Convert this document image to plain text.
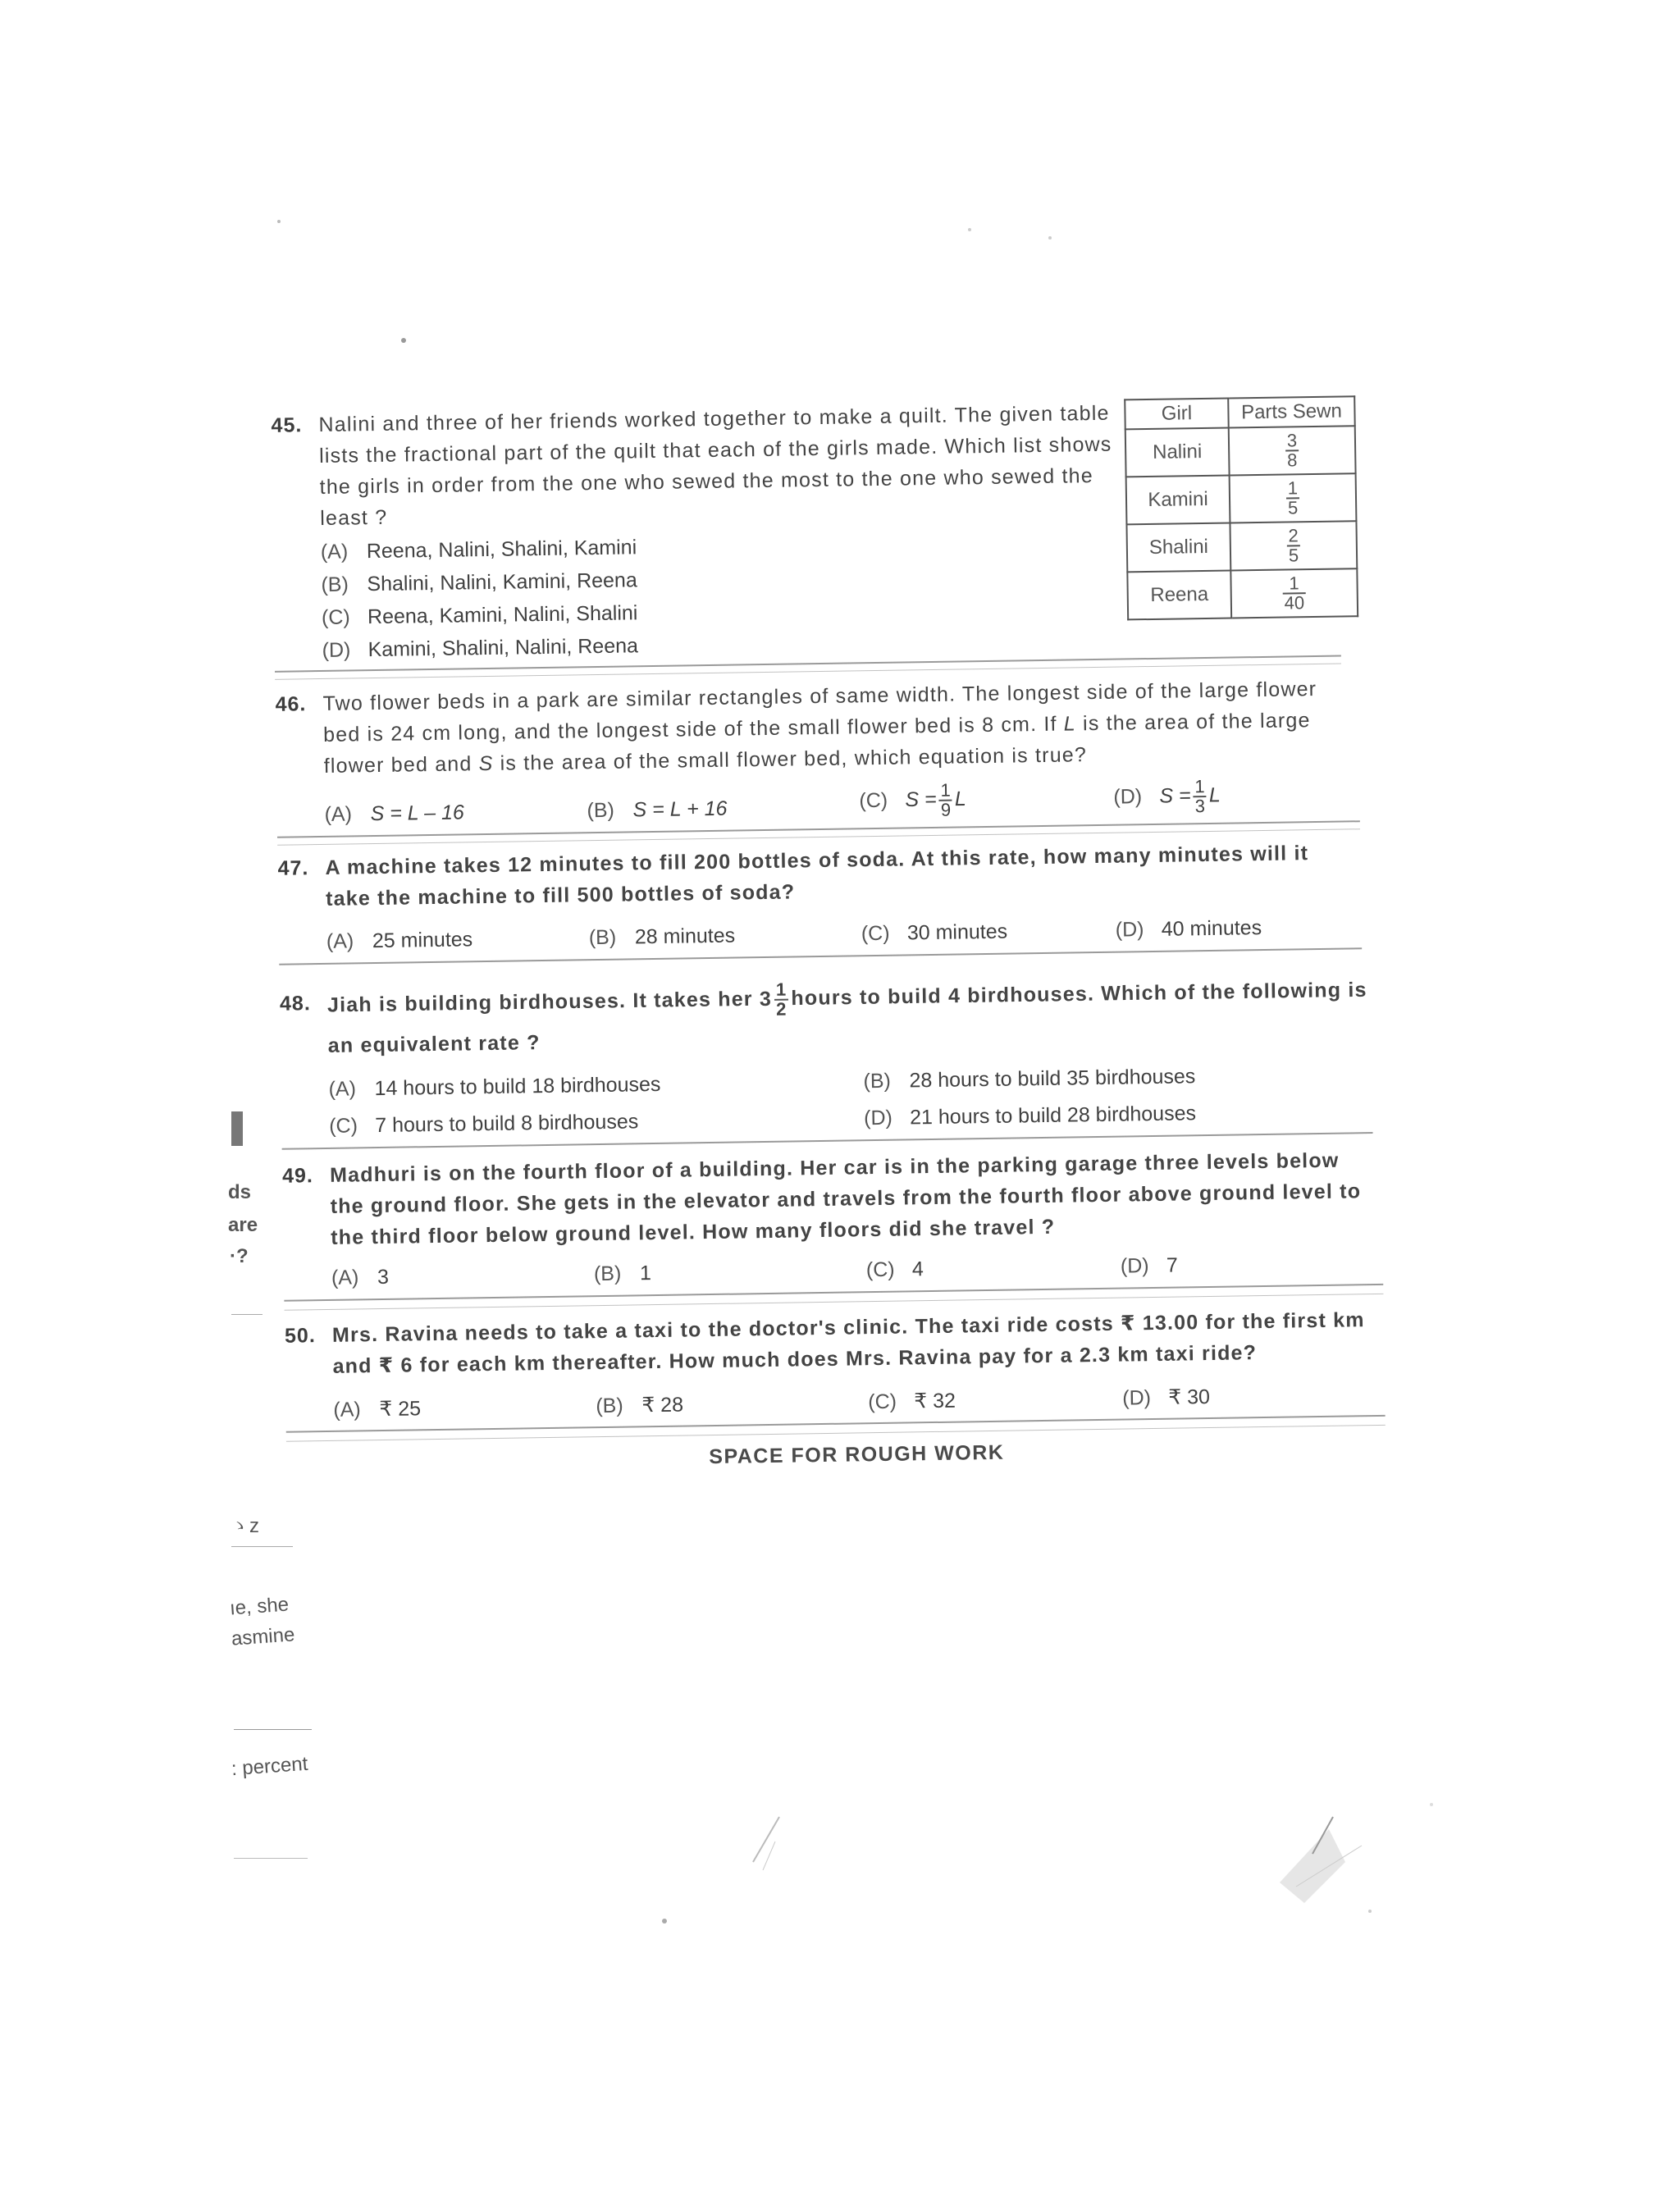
45. Nalini and three of her friends worked together to make a quilt. The given table lists the fractional part of the quilt that each of the girls made. Which list shows the girls in order from the one who sewed the most to the one who sewed the least ?
(A) Reena, Nalini, Shalini, Kamini
(B) Shalini, Nalini, Kamini, Reena
(C) Reena, Kamini, Nalini, Shalini
(D) Kamini, Shalini, Nalini, Reena
Girl	Parts Sewn
Nalini	$\frac{3}{8}$

Kamini	$\frac{1}{5}$

Shalini	$\frac{2}{5}$

Reena	$\frac{1}{40}$
46. Two flower beds in a park are similar rectangles of same width. The longest side of the large flower bed is 24 cm long, and the longest side of the small flower bed is 8 cm. If L is the area of the large flower bed and S is the area of the small flower bed, which equation is true?
(A) S = L – 16	(B) S = L + 16	(C) $S = \frac{1}{9}$ L	(D) $S = \frac{1}{3}$ L
47. A machine takes 12 minutes to fill 200 bottles of soda. At this rate, how many minutes will it take the machine to fill 500 bottles of soda?
(A) 25 minutes	(B) 28 minutes	(C) 30 minutes	(D) 40 minutes
48. Jiah is building birdhouses. It takes her $3 \frac{1}{2}$ hours to build 4 birdhouses. Which of the following is
an equivalent rate ?
(A) 14 hours to build 18 birdhouses	(B) 28 hours to build 35 birdhouses
(C) 7 hours to build 8 birdhouses	(D) 21 hours to build 28 birdhouses
49. Madhuri is on the fourth floor of a building. Her car is in the parking garage three levels below the ground floor. She gets in the elevator and travels from the fourth floor above ground level to the third floor below ground level. How many floors did she travel ?
(A) 3	(B) 1	(C) 4	(D) 7
50. Mrs. Ravina needs to take a taxi to the doctor's clinic. The taxi ride costs ₹ 13.00 for the first km and ₹ 6 for each km thereafter. How much does Mrs. Ravina pay for a 2.3 km taxi ride?
(A) ₹ 25	(B) ₹ 28	(C) ₹ 32	(D) ₹ 30
SPACE FOR ROUGH WORK
ds
are
·?
ゝz
ıe, she
asmine
: percent
